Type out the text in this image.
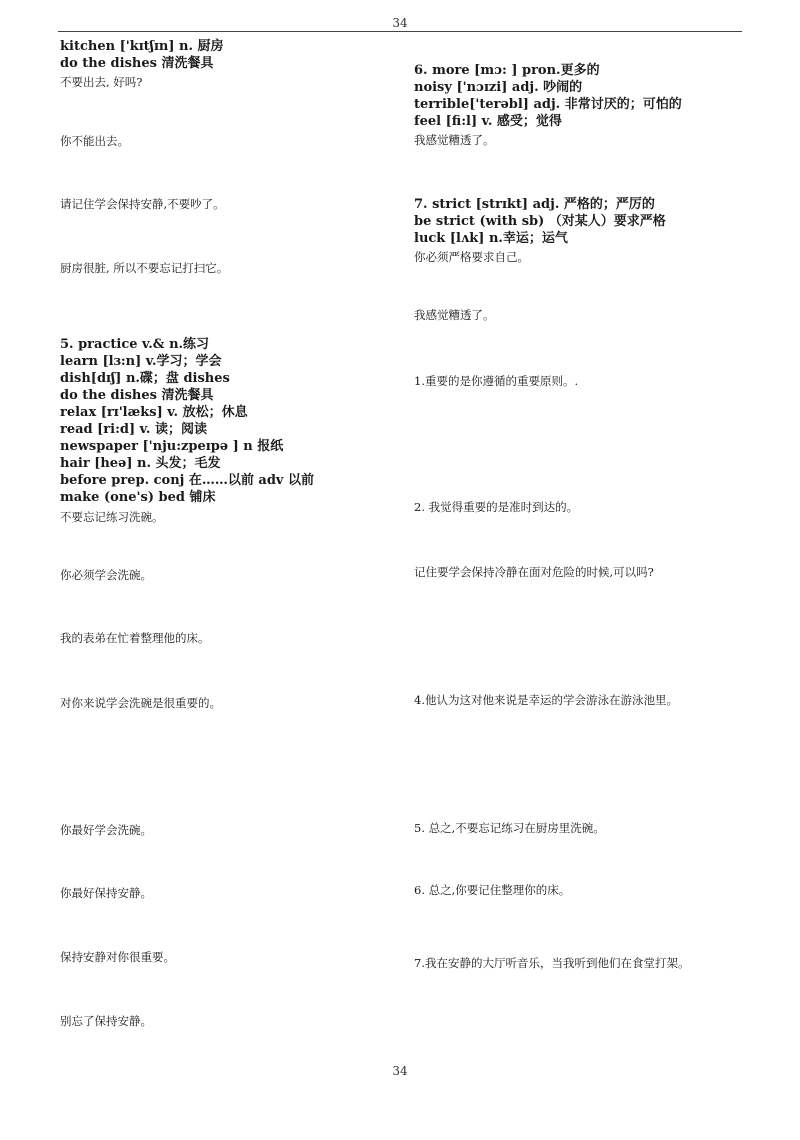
34
kitchen ['kɪtʃɪn] n. 厨房
do the dishes 清洗餐具
不要出去, 好吗?
你不能出去。
请记住学会保持安静,不要吵了。
厨房很脏, 所以不要忘记打扫它。
5. practice v.& n.练习
learn [lɜ:n] v.学习；学会
dish[dɪʃ] n.碟；盘 dishes
do the dishes 清洗餐具
relax [rɪ'læks] v. 放松；休息
read [ri:d] v. 读；阅读
newspaper ['nju:zpeɪpə ] n 报纸
hair [heə] n. 头发；毛发
before prep. conj 在……以前 adv 以前
make (one's) bed 铺床
不要忘记练习洗碗。
你必须学会洗碗。
我的表弟在忙着整理他的床。
对你来说学会洗碗是很重要的。
你最好学会洗碗。
你最好保持安静。
保持安静对你很重要。
别忘了保持安静。
6. more [mɔ: ] pron.更多的
noisy ['nɔɪzi] adj. 吵闹的
terrible['terəbl] adj. 非常讨厌的；可怕的
feel [fi:l] v. 感受；觉得
我感觉糟透了。
7. strict [strɪkt] adj. 严格的；严厉的
be strict (with sb) （对某人）要求严格
luck [lʌk] n.幸运；运气
你必须严格要求自己。
我感觉糟透了。
1.重要的是你遵循的重要原则。.
2. 我觉得重要的是准时到达的。
记住要学会保持冷静在面对危险的时候,可以吗?
4.他认为这对他来说是幸运的学会游泳在游泳池里。
5. 总之,不要忘记练习在厨房里洗碗。
6. 总之,你要记住整理你的床。
7.我在安静的大厅听音乐，当我听到他们在食堂打架。
34
